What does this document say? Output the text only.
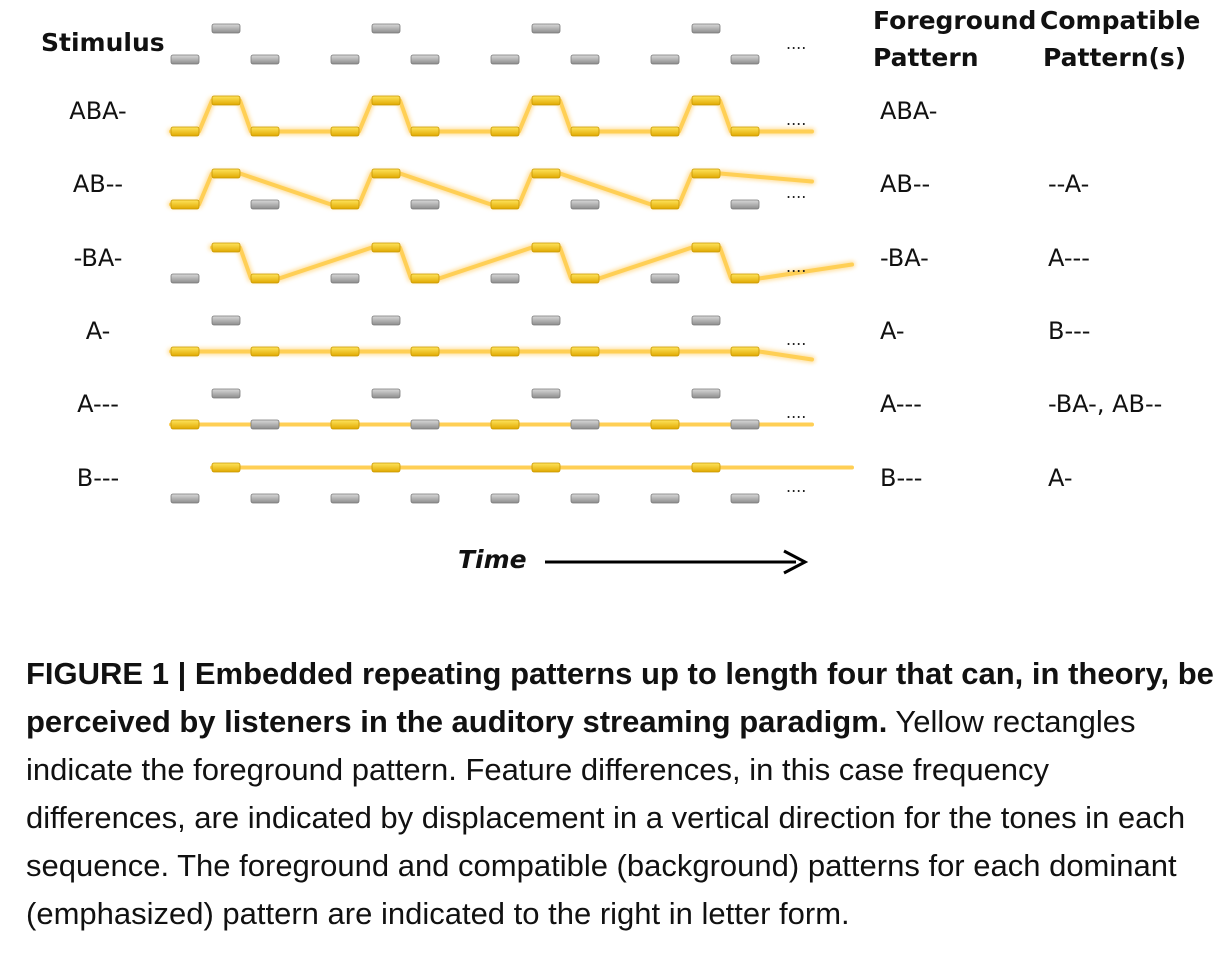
....
....
....
....
....
....
....
Stimulus
Foreground
Pattern
Compatible
Pattern(s)
ABA-	ABA-
AB--	AB--	--A-
-BA-	-BA-	A---
A-	A-	B---
A---	A---	-BA-, AB--
B---	B---	A-
Time
FIGURE 1 | Embedded repeating patterns up to length four that can, in theory, be perceived by listeners in the auditory streaming paradigm. Yellow rectangles indicate the foreground pattern. Feature differences, in this case frequency differences, are indicated by displacement in a vertical direction for the tones in each sequence. The foreground and compatible (background) patterns for each dominant (emphasized) pattern are indicated to the right in letter form.
